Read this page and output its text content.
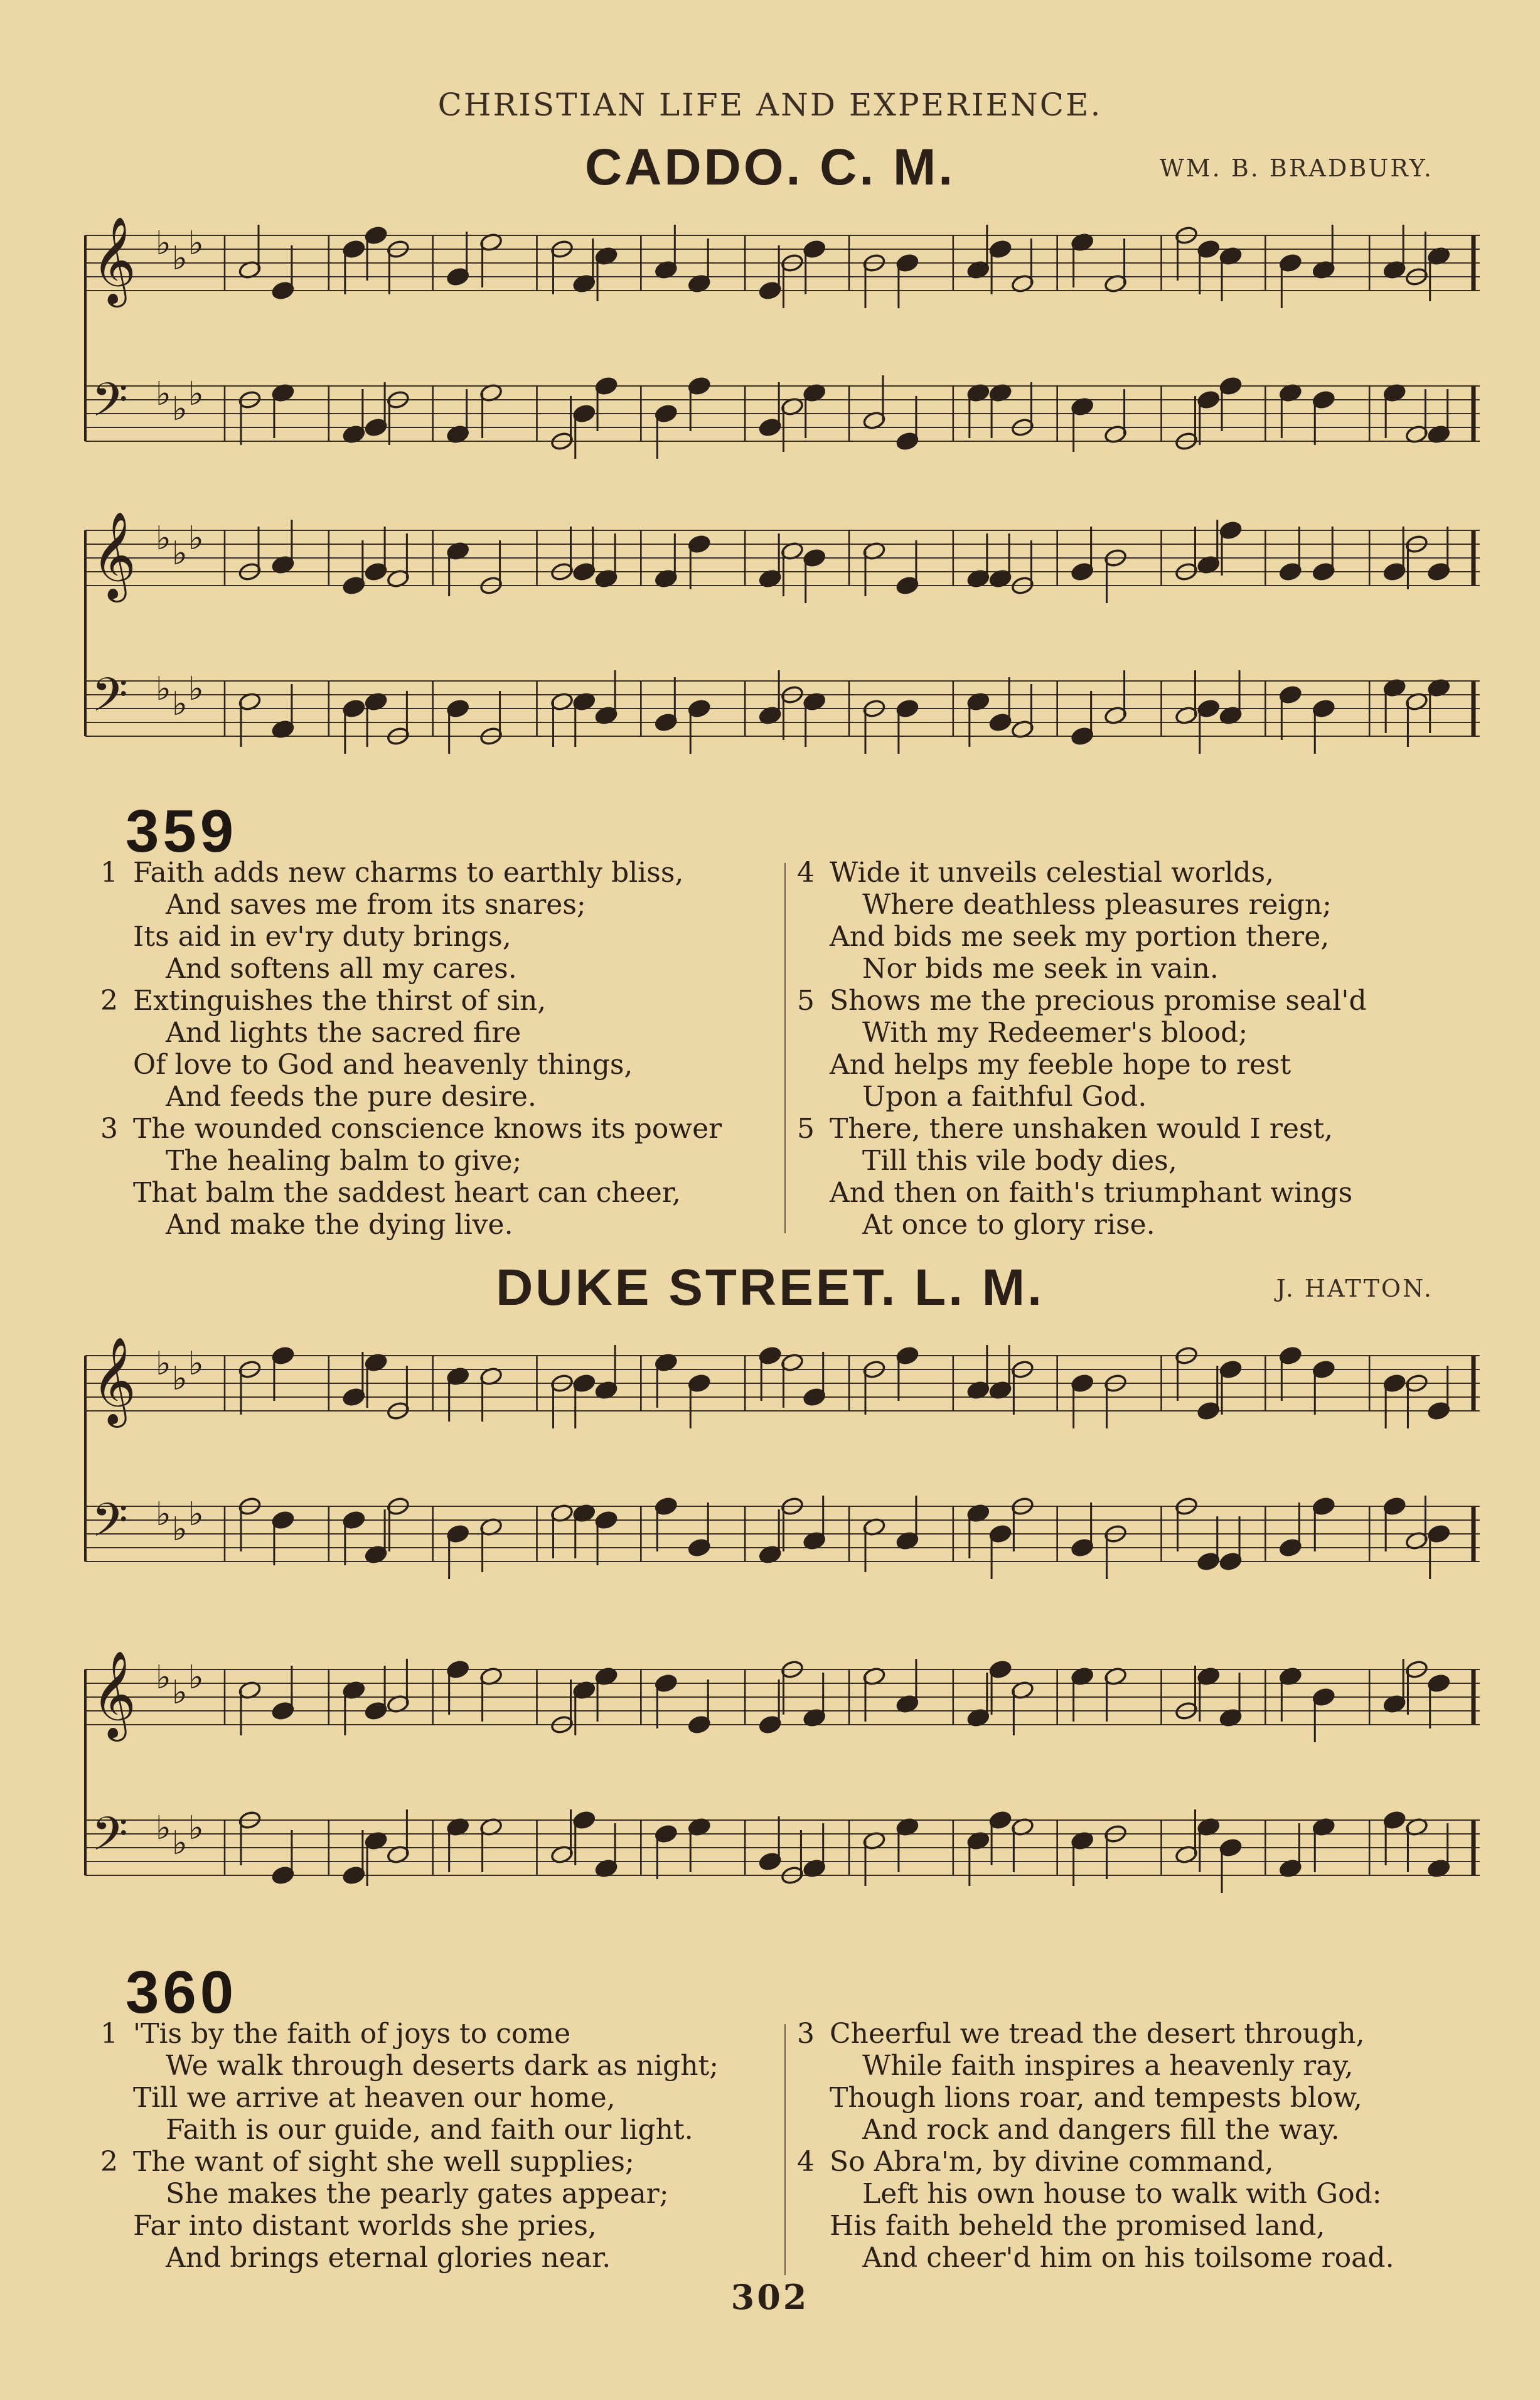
CHRISTIAN LIFE AND EXPERIENCE.
CADDO. C. M.	WM. B. BRADBURY.
𝄞 ♭ ♭ ♭
𝄢 ♭ ♭ ♭
𝄞 ♭ ♭ ♭
𝄢 ♭ ♭ ♭
359
1 Faith adds new charms to earthly bliss,
And saves me from its snares;
Its aid in ev'ry duty brings,
And softens all my cares.
2 Extinguishes the thirst of sin,
And lights the sacred fire
Of love to God and heavenly things,
And feeds the pure desire.
3 The wounded conscience knows its power
The healing balm to give;
That balm the saddest heart can cheer,
And make the dying live.
4 Wide it unveils celestial worlds,
Where deathless pleasures reign;
And bids me seek my portion there,
Nor bids me seek in vain.
5 Shows me the precious promise seal'd
With my Redeemer's blood;
And helps my feeble hope to rest
Upon a faithful God.
5 There, there unshaken would I rest,
Till this vile body dies,
And then on faith's triumphant wings
At once to glory rise.
DUKE STREET. L. M.	J. HATTON.
𝄞 ♭ ♭ ♭
𝄢 ♭ ♭ ♭
𝄞 ♭ ♭ ♭
𝄢 ♭ ♭ ♭
360
1 'Tis by the faith of joys to come
We walk through deserts dark as night;
Till we arrive at heaven our home,
Faith is our guide, and faith our light.
2 The want of sight she well supplies;
She makes the pearly gates appear;
Far into distant worlds she pries,
And brings eternal glories near.
3 Cheerful we tread the desert through,
While faith inspires a heavenly ray,
Though lions roar, and tempests blow,
And rock and dangers fill the way.
4 So Abra'm, by divine command,
Left his own house to walk with God:
His faith beheld the promised land,
And cheer'd him on his toilsome road.
302
